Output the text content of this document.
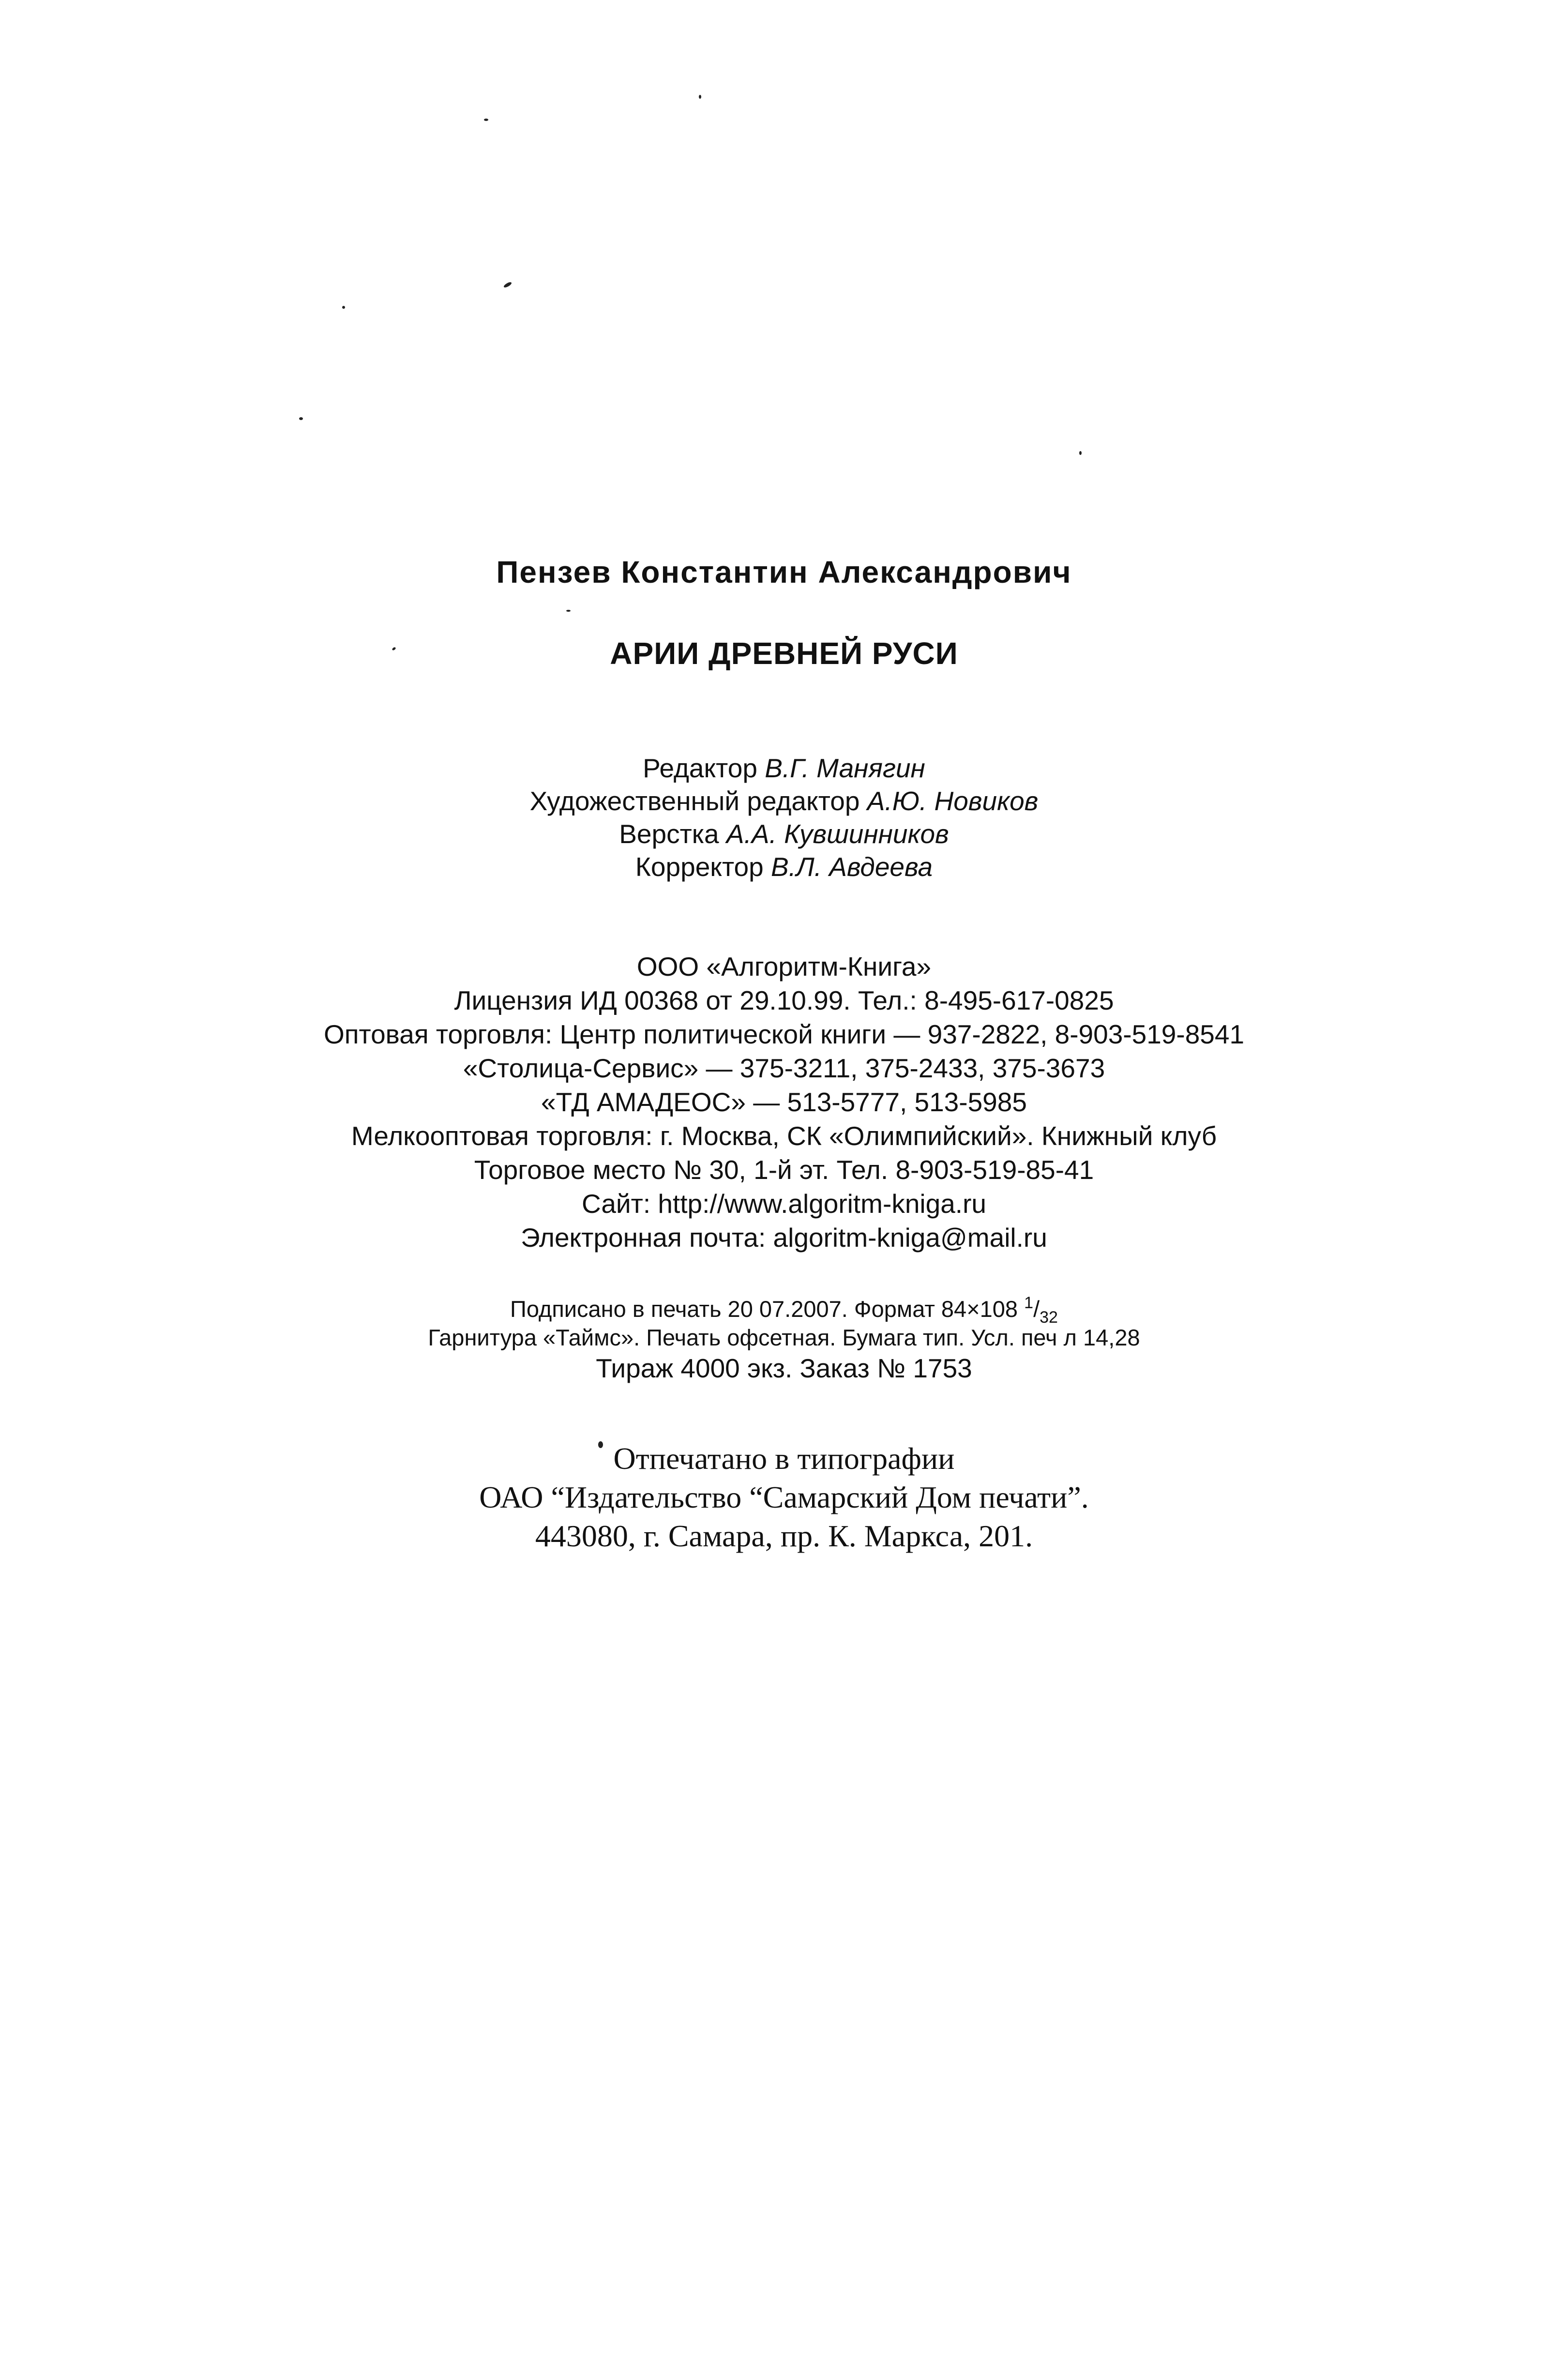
Пензев Константин Александрович
АРИИ ДРЕВНЕЙ РУСИ
Редактор В.Г. Манягин
Художественный редактор А.Ю. Новиков
Верстка А.А. Кувшинников
Корректор В.Л. Авдеева
ООО «Алгоритм-Книга»
Лицензия ИД 00368 от 29.10.99. Тел.: 8-495-617-0825
Оптовая торговля: Центр политической книги — 937-2822, 8-903-519-8541
«Столица-Сервис» — 375-3211, 375-2433, 375-3673
«ТД АМАДЕОС» — 513-5777, 513-5985
Мелкооптовая торговля: г. Москва, СК «Олимпийский». Книжный клуб
Торговое место № 30, 1-й эт. Тел. 8-903-519-85-41
Сайт: http://www.algoritm-kniga.ru
Электронная почта: algoritm-kniga@mail.ru
Подписано в печать 20 07.2007. Формат 84×108 $^1/_{32}$
Гарнитура «Таймс». Печать офсетная. Бумага тип. Усл. печ л 14,28
Тираж 4000 экз. Заказ № 1753
Отпечатано в типографии
ОАО “Издательство “Самарский Дом печати”.
443080, г. Самара, пр. К. Маркса, 201.
